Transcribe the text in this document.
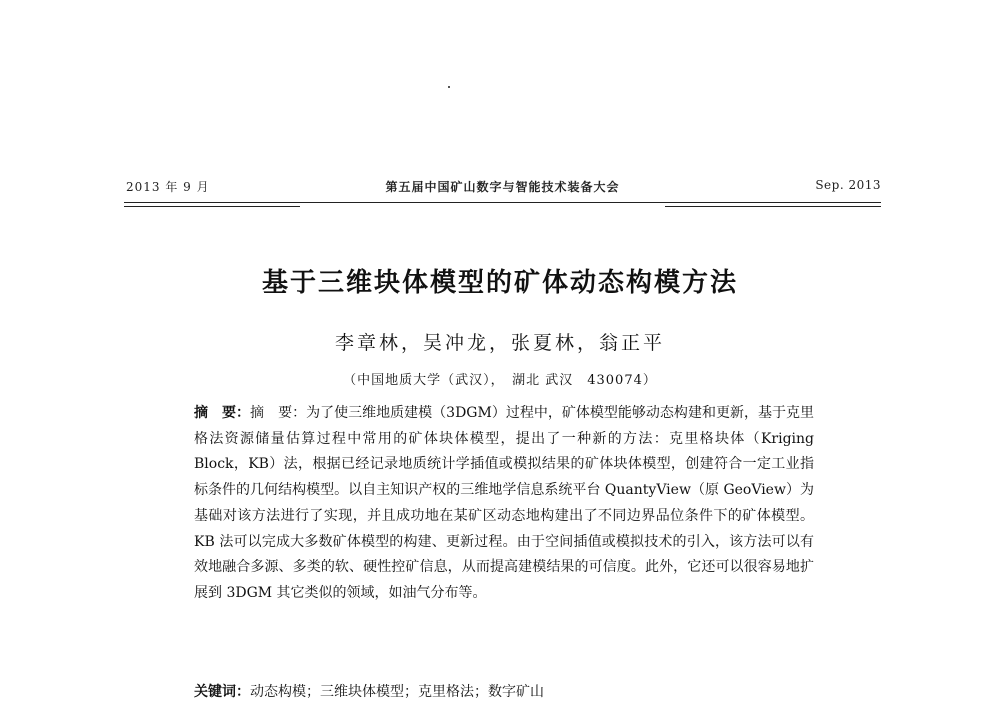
2013 年 9 月	第五届中国矿山数字与智能技术装备大会	Sep. 2013
基于三维块体模型的矿体动态构模方法
李章林，吴冲龙，张夏林，翁正平
（中国地质大学（武汉），　湖北 武汉　430074）
摘　要：摘　要：为了使三维地质建模（3DGM）过程中，矿体模型能够动态构建和更新，基于克里格法资源储量估算过程中常用的矿体块体模型，提出了一种新的方法：克里格块体（Kriging Block，KB）法，根据已经记录地质统计学插值或模拟结果的矿体块体模型，创建符合一定工业指标条件的几何结构模型。以自主知识产权的三维地学信息系统平台 QuantyView（原 GeoView）为基础对该方法进行了实现，并且成功地在某矿区动态地构建出了不同边界品位条件下的矿体模型。KB 法可以完成大多数矿体模型的构建、更新过程。由于空间插值或模拟技术的引入，该方法可以有效地融合多源、多类的软、硬性控矿信息，从而提高建模结果的可信度。此外，它还可以很容易地扩展到 3DGM 其它类似的领域，如油气分布等。
关键词：动态构模；三维块体模型；克里格法；数字矿山
